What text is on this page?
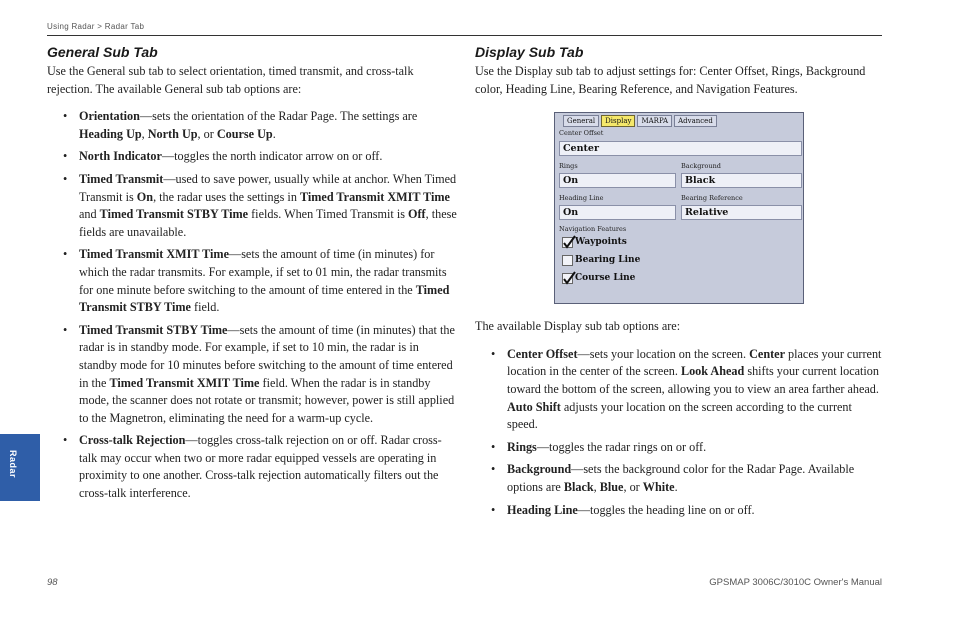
Using Radar > Radar Tab
General Sub Tab

Use the General sub tab to select orientation, timed transmit, and cross-talk rejection. The available General sub tab options are:

• Orientation—sets the orientation of the Radar Page. The settings are Heading Up, North Up, or Course Up.
• North Indicator—toggles the north indicator arrow on or off.
• Timed Transmit—used to save power, usually while at anchor. When Timed Transmit is On, the radar uses the settings in Timed Transmit XMIT Time and Timed Transmit STBY Time fields. When Timed Transmit is Off, these fields are unavailable.
• Timed Transmit XMIT Time—sets the amount of time (in minutes) for which the radar transmits. For example, if set to 01 min, the radar transmits for one minute before switching to the amount of time entered in the Timed Transmit STBY Time field.
• Timed Transmit STBY Time—sets the amount of time (in minutes) that the radar is in standby mode. For example, if set to 10 min, the radar is in standby mode for 10 minutes before switching to the amount of time entered in the Timed Transmit XMIT Time field. When the radar is in standby mode, the scanner does not rotate or transmit; however, power is still applied to the Magnetron, eliminating the need for a warm-up cycle.
• Cross-talk Rejection—toggles cross-talk rejection on or off. Radar cross-talk may occur when two or more radar equipped vessels are operating in proximity to one another. Cross-talk rejection automatically filters out the cross-talk interference.
Display Sub Tab

Use the Display sub tab to adjust settings for: Center Offset, Rings, Background color, Heading Line, Bearing Reference, and Navigation Features.

General	Display	MARPA	Advanced
Center Offset
Center
Rings	Background
On	Black
Heading Line	Bearing Reference
On	Relative
Navigation Features
Waypoints
Bearing Line
Course Line

The available Display sub tab options are:

• Center Offset—sets your location on the screen. Center places your current location in the center of the screen. Look Ahead shifts your current location toward the bottom of the screen, allowing you to view an area farther ahead. Auto Shift adjusts your location on the screen according to the current speed.
• Rings—toggles the radar rings on or off.
• Background—sets the background color for the Radar Page. Available options are Black, Blue, or White.
• Heading Line—toggles the heading line on or off.
Radar
98	GPSMAP 3006C/3010C Owner's Manual
